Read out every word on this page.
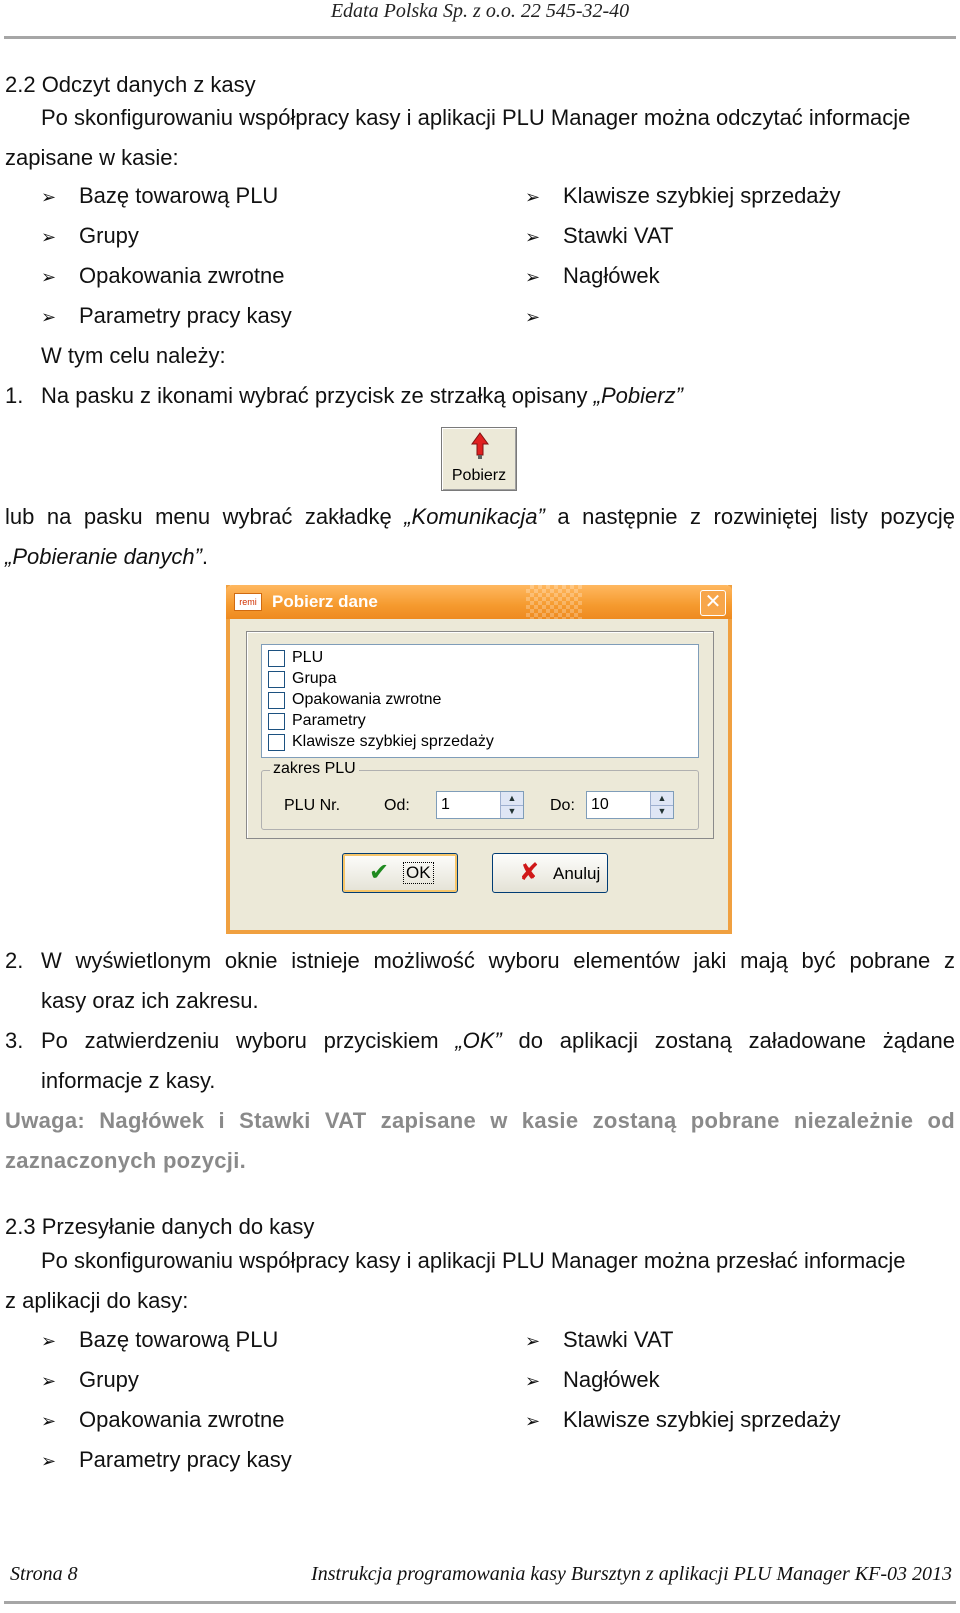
Edata Polska Sp. z o.o. 22 545-32-40
2.2 Odczyt danych z kasy
Po skonfigurowaniu współpracy kasy i aplikacji PLU Manager można odczytać informacje
zapisane w kasie:
➢ Bazę towarową PLU
➢ Grupy
➢ Opakowania zwrotne
➢ Parametry pracy kasy
➢ Klawisze szybkiej sprzedaży
➢ Stawki VAT
➢ Nagłówek
➢
W tym celu należy:
1. Na pasku z ikonami wybrać przycisk ze strzałką opisany „Pobierz”
Pobierz
lub na pasku menu wybrać zakładkę „Komunikacja” a następnie z rozwiniętej listy pozycję
„Pobieranie danych”.
remi Pobierz dane	✕
PLU
Grupa
Opakowania zwrotne
Parametry
Klawisze szybkiej sprzedaży
zakres PLU
PLU Nr.	Od:	1	▲
▼	Do:	10	▲
▼
✔ OK	✘ Anuluj
2. W wyświetlonym oknie istnieje możliwość wyboru elementów jaki mają być pobrane z
kasy oraz ich zakresu.
3. Po zatwierdzeniu wyboru przyciskiem „OK” do aplikacji zostaną załadowane żądane
informacje z kasy.
Uwaga: Nagłówek i Stawki VAT zapisane w kasie zostaną pobrane niezależnie od
zaznaczonych pozycji.
2.3 Przesyłanie danych do kasy
Po skonfigurowaniu współpracy kasy i aplikacji PLU Manager można przesłać informacje
z aplikacji do kasy:
➢ Bazę towarową PLU
➢ Grupy
➢ Opakowania zwrotne
➢ Parametry pracy kasy
➢ Stawki VAT
➢ Nagłówek
➢ Klawisze szybkiej sprzedaży
Strona 8	Instrukcja programowania kasy Bursztyn z aplikacji PLU Manager KF-03 2013
